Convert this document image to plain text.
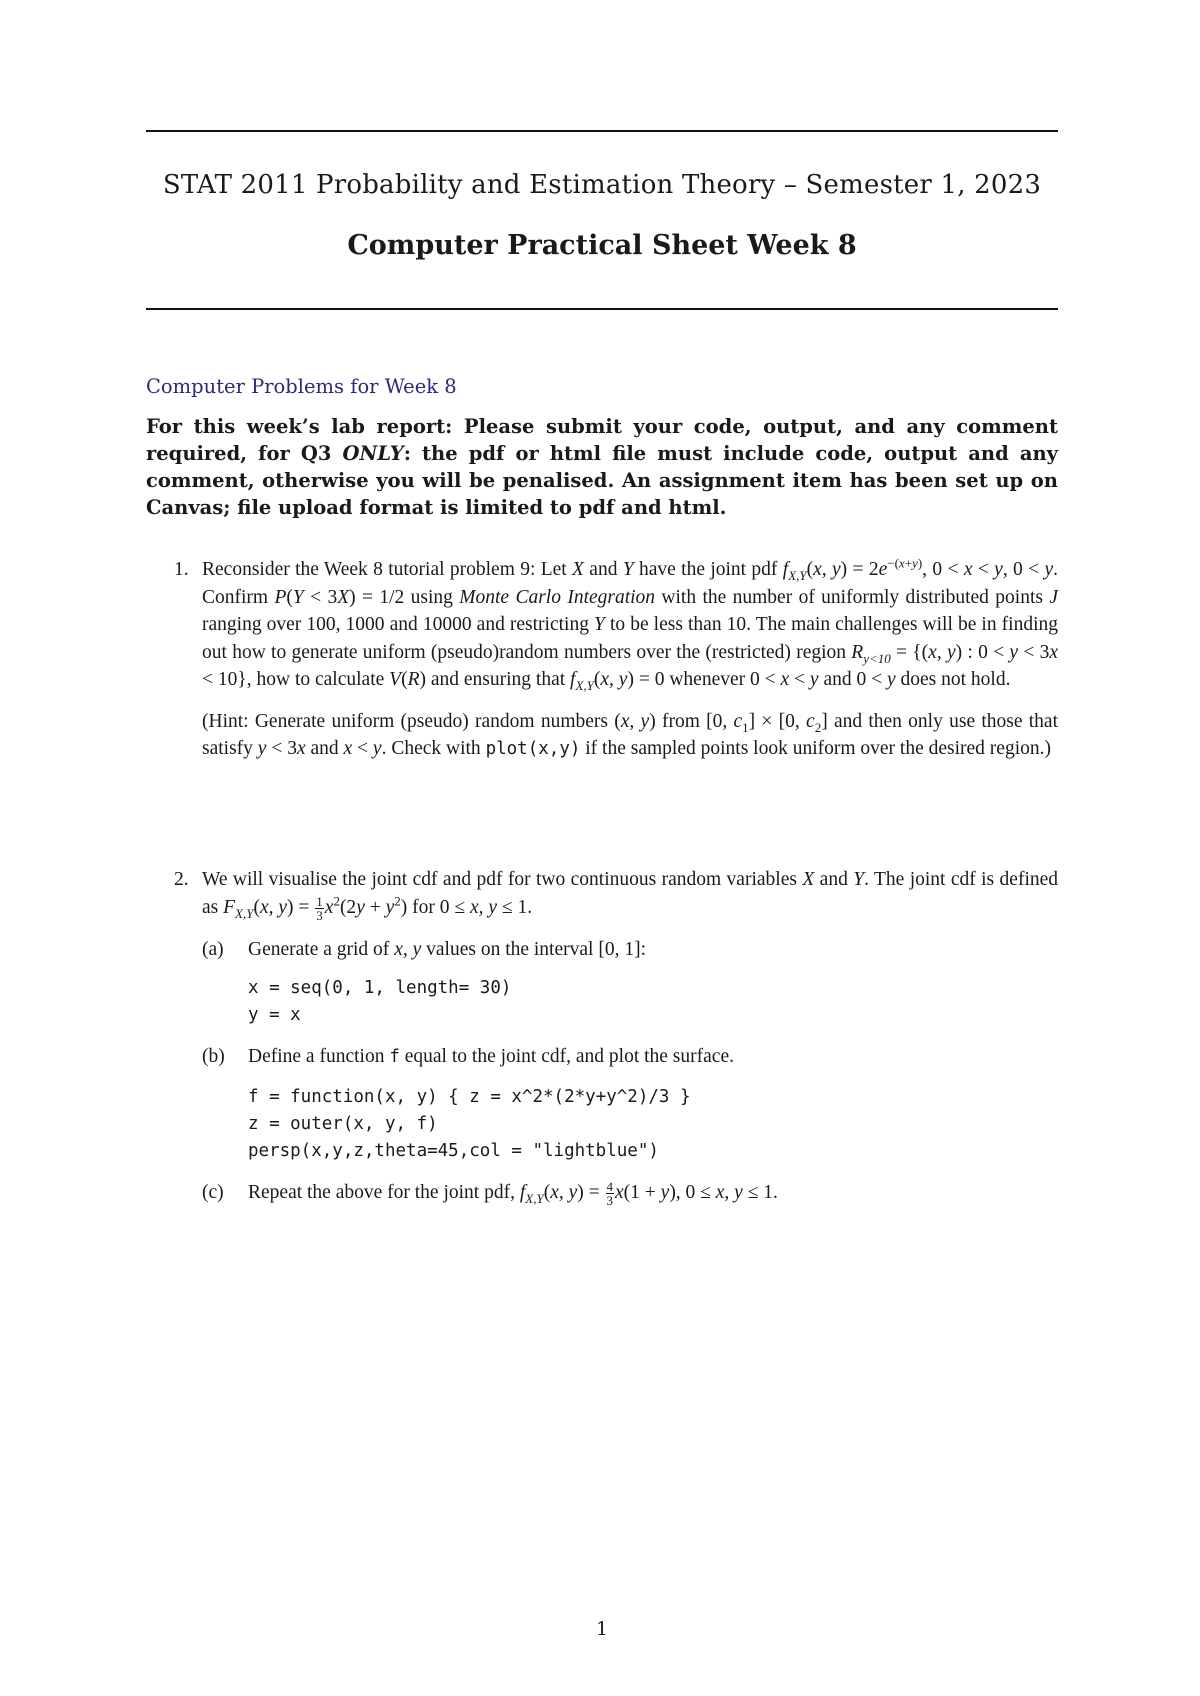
STAT 2011 Probability and Estimation Theory – Semester 1, 2023
Computer Practical Sheet Week 8
Computer Problems for Week 8
For this week’s lab report: Please submit your code, output, and any comment required, for Q3 ONLY: the pdf or html file must include code, output and any comment, otherwise you will be penalised. An assignment item has been set up on Canvas; file upload format is limited to pdf and html.
1. Reconsider the Week 8 tutorial problem 9: Let X and Y have the joint pdf $f_{X,Y}(x$, $y) = 2e^{-(x+y)}$, 0 < x < y, 0 < y. Confirm P(Y < 3X) = 1/2 using Monte Carlo Integration with the number of uniformly distributed points J ranging over 100, 1000 and 10000 and restricting Y to be less than 10. The main challenges will be in finding out how to generate uniform (pseudo)random numbers over the (restricted) region $R_{y<10} = \{(x$, y) : 0 < y < 3x < 10}, how to calculate V(R) and ensuring that $f_{X,Y}(x$, y) = 0 whenever 0 < x < y and 0 < y does not hold.
(Hint: Generate uniform (pseudo) random numbers (x, y) from [0, $c_1] \times [0$, $c_2$] and then only use those that satisfy y < 3x and x < y. Check with plot(x,y) if the sampled points look uniform over the desired region.)
2. We will visualise the joint cdf and pdf for two continuous random variables X and Y. The joint cdf is defined as $F_{X,Y}(x$, $y) = \frac{1}{3} x^2(2y + y^2)$ for 0 ≤ x, y ≤ 1.
(a) Generate a grid of x, y values on the interval [0, 1]:
x = seq(0, 1, length= 30)
y = x
(b) Define a function f equal to the joint cdf, and plot the surface.
f = function(x, y) { z = x^2*(2*y+y^2)/3 }
z = outer(x, y, f)
persp(x,y,z,theta=45,col = "lightblue")
(c) Repeat the above for the joint pdf, $f_{X,Y}(x$, $y) = \frac{4}{3} x(1 + y)$, 0 ≤ x, y ≤ 1.
1
